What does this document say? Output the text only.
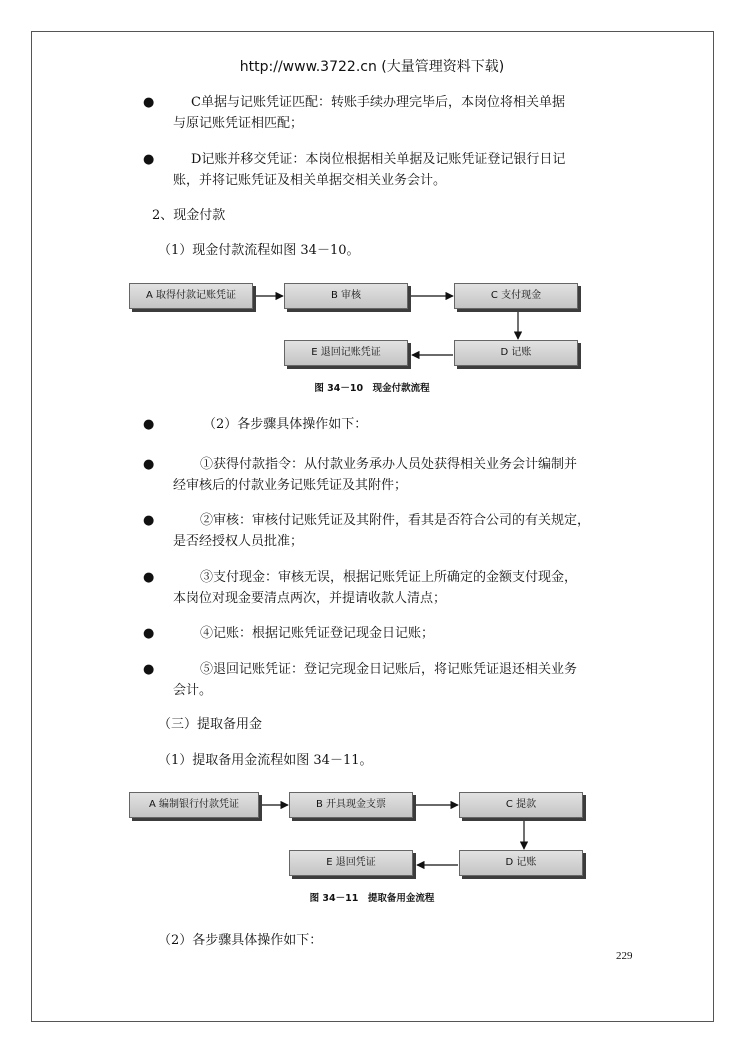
http://www.3722.cn (大量管理资料下载)
●	C单据与记账凭证匹配：转账手续办理完毕后，本岗位将相关单据
与原记账凭证相匹配；
●	D记账并移交凭证：本岗位根据相关单据及记账凭证登记银行日记
账，并将记账凭证及相关单据交相关业务会计。
2、现金付款
（1）现金付款流程如图 34－10。
A 取得付款记账凭证	B 审核	C 支付现金
D 记账
E 退回记账凭证
图 34－10　现金付款流程
●	（2）各步骤具体操作如下：
●	①获得付款指令：从付款业务承办人员处获得相关业务会计编制并
经审核后的付款业务记账凭证及其附件；
●	②审核：审核付记账凭证及其附件，看其是否符合公司的有关规定，
是否经授权人员批准；
●	③支付现金：审核无误，根据记账凭证上所确定的金额支付现金，
本岗位对现金要清点两次，并提请收款人清点；
●	④记账：根据记账凭证登记现金日记账；
●	⑤退回记账凭证：登记完现金日记账后，将记账凭证退还相关业务
会计。
（三）提取备用金
（1）提取备用金流程如图 34－11。
A 编制银行付款凭证	B 开具现金支票	C 提款
D 记账
E 退回凭证
图 34－11　提取备用金流程
（2）各步骤具体操作如下：
229
